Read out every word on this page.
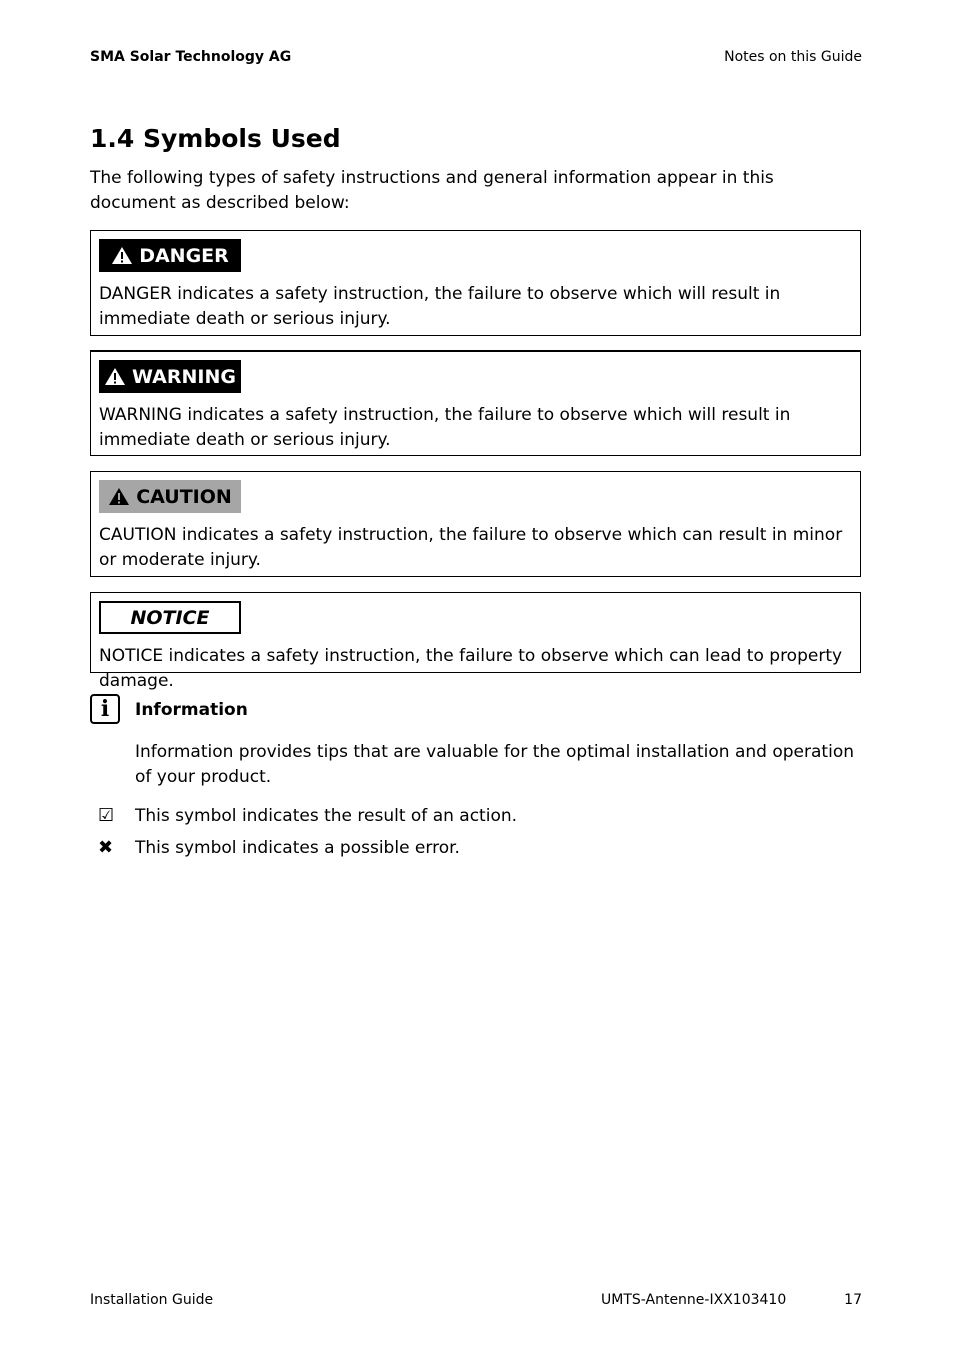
SMA Solar Technology AG	Notes on this Guide
1.4 Symbols Used
The following types of safety instructions and general information appear in this document as described below:
DANGER
DANGER indicates a safety instruction, the failure to observe which will result in immediate death or serious injury.
WARNING
WARNING indicates a safety instruction, the failure to observe which will result in immediate death or serious injury.
CAUTION
CAUTION indicates a safety instruction, the failure to observe which can result in minor or moderate injury.
NOTICE
NOTICE indicates a safety instruction, the failure to observe which can lead to property damage.
i	Information
Information provides tips that are valuable for the optimal installation and operation of your product.
☑ This symbol indicates the result of an action.
✖ This symbol indicates a possible error.
Installation Guide	UMTS-Antenne-IXX103410	17
